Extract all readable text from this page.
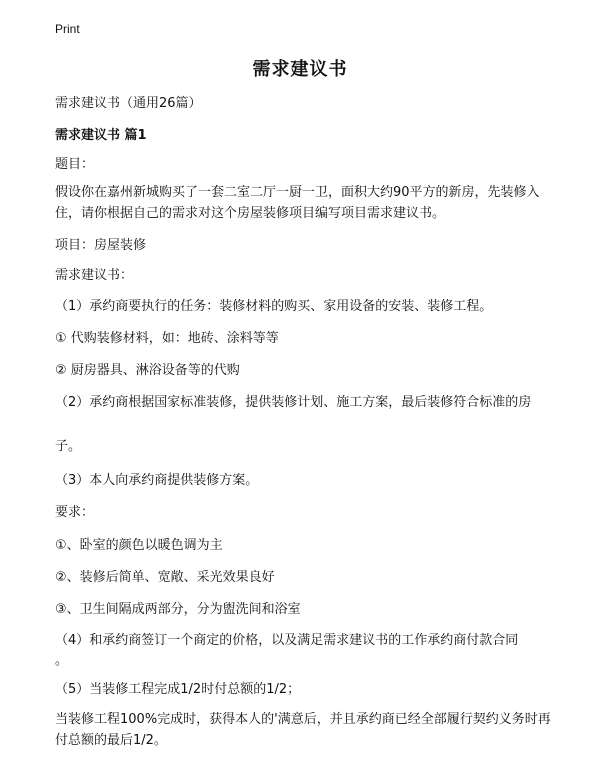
Print
需求建议书
需求建议书（通用26篇）
需求建议书 篇1
题目：
假设你在嘉州新城购买了一套二室二厅一厨一卫，面积大约90平方的新房，先装修入住，请你根据自己的需求对这个房屋装修项目编写项目需求建议书。
项目：房屋装修
需求建议书：
（1）承约商要执行的任务：装修材料的购买、家用设备的安装、装修工程。
① 代购装修材料，如：地砖、涂料等等
② 厨房器具、淋浴设备等的代购
（2）承约商根据国家标准装修，提供装修计划、施工方案，最后装修符合标准的房
子。
（3）本人向承约商提供装修方案。
要求：
①、卧室的颜色以暖色调为主
②、装修后简单、宽敞、采光效果良好
③、卫生间隔成两部分，分为盥洗间和浴室
（4）和承约商签订一个商定的价格，以及满足需求建议书的工作承约商付款合同
。
（5）当装修工程完成1/2时付总额的1/2；
当装修工程100%完成时，获得本人的'满意后，并且承约商已经全部履行契约义务时再付总额的最后1/2。
